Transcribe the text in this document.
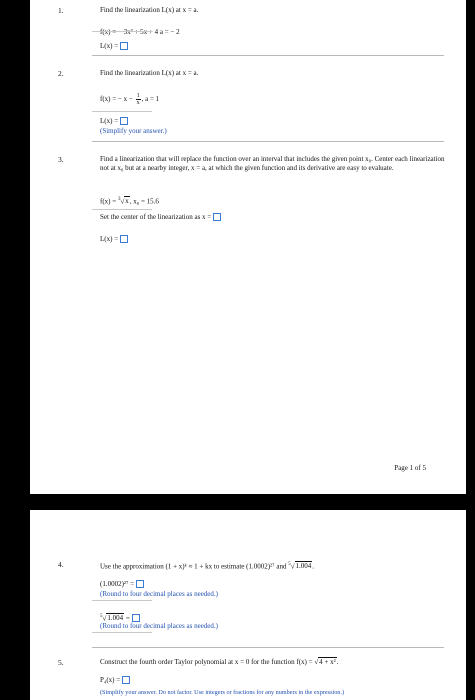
1.	Find the linearization L(x) at x = a.
f(x) = − 3x³ + 5x + 4 a = − 2
L(x) =
2.	Find the linearization L(x) at x = a.
f(x) = − $x - \frac{1}{x}$ , a = 1
L(x) =
(Simplify your answer.)
3.	Find a linearization that will replace the function over an interval that includes the given point x₀. Center each linearization not at x₀ but at a nearby integer, x = a, at which the given function and its derivative are easy to evaluate.
f(x) = $^3$√x, x₀ = 15.6
Set the center of the linearization as x =
L(x) =
Page 1 of 5
4.	Use the approximation (1 + x)ᵏ ≈ 1 + kx to estimate (1.0002)²⁷ and $^5$√1.004.
(1.0002)²⁷ =
(Round to four decimal places as needed.)
$^5$√1.004 =
(Round to four decimal places as needed.)
5.	Construct the fourth order Taylor polynomial at x = 0 for the function f(x) = √4 + x².
P₄(x) =
(Simplify your answer. Do not factor. Use integers or fractions for any numbers in the expression.)
